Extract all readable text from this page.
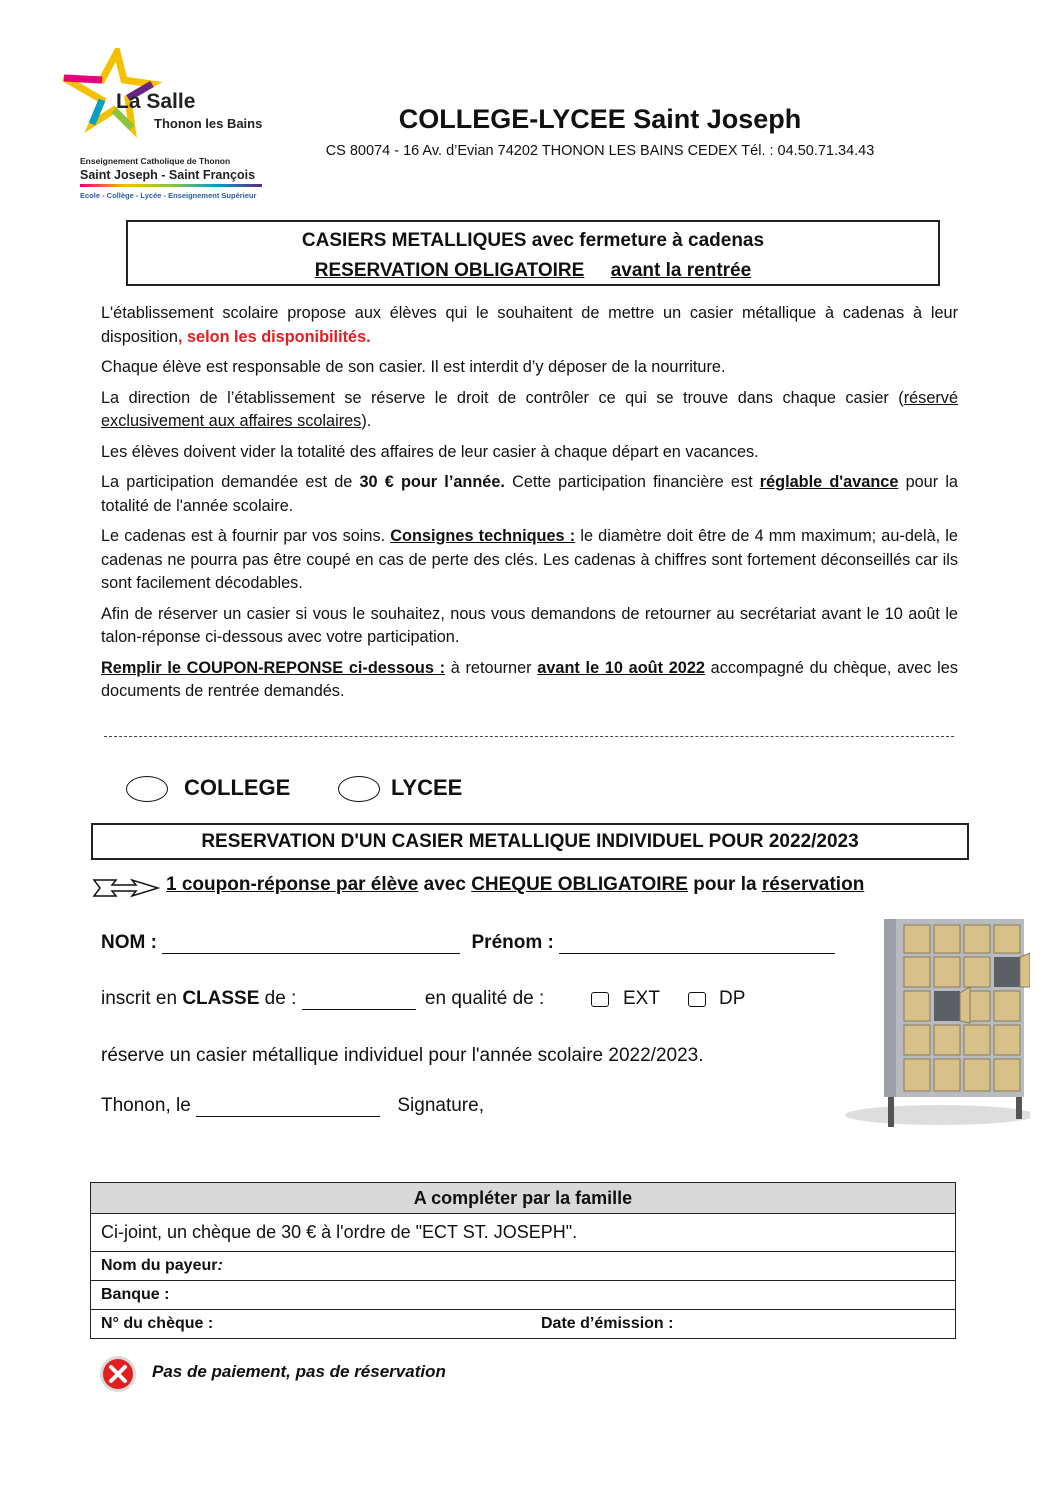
La Salle
Thonon les Bains
Enseignement Catholique de Thonon
Saint Joseph - Saint François
Ecole - Collège - Lycée - Enseignement Supérieur
COLLEGE-LYCEE Saint Joseph
CS 80074 - 16 Av. d’Evian 74202 THONON LES BAINS CEDEX Tél. : 04.50.71.34.43
CASIERS METALLIQUES avec fermeture à cadenas
RESERVATION OBLIGATOIRE avant la rentrée

L'établissement scolaire propose aux élèves qui le souhaitent de mettre un casier métallique à cadenas à leur disposition, selon les disponibilités.

Chaque élève est responsable de son casier. Il est interdit d’y déposer de la nourriture.

La direction de l’établissement se réserve le droit de contrôler ce qui se trouve dans chaque casier (réservé exclusivement aux affaires scolaires).

Les élèves doivent vider la totalité des affaires de leur casier à chaque départ en vacances.

La participation demandée est de 30 € pour l’année. Cette participation financière est réglable d'avance pour la totalité de l'année scolaire.

Le cadenas est à fournir par vos soins. Consignes techniques : le diamètre doit être de 4 mm maximum; au-delà, le cadenas ne pourra pas être coupé en cas de perte des clés. Les cadenas à chiffres sont fortement déconseillés car ils sont facilement décodables.

Afin de réserver un casier si vous le souhaitez, nous vous demandons de retourner au secrétariat avant le 10 août le talon-réponse ci-dessous avec votre participation.

Remplir le COUPON-REPONSE ci-dessous : à retourner avant le 10 août 2022 accompagné du chèque, avec les documents de rentrée demandés.

COLLEGE	LYCEE
RESERVATION D'UN CASIER METALLIQUE INDIVIDUEL POUR 2022/2023
1 coupon-réponse par élève avec CHEQUE OBLIGATOIRE pour la réservation
NOM :	Prénom :
inscrit en CLASSE de :	en qualité de :	EXT	DP
réserve un casier métallique individuel pour l'année scolaire 2022/2023.
Thonon, le	Signature,
A compléter par la famille
Ci-joint, un chèque de 30 € à l'ordre de "ECT ST. JOSEPH".
Nom du payeur:
Banque :
N° du chèque :	Date d’émission :
Pas de paiement, pas de réservation
